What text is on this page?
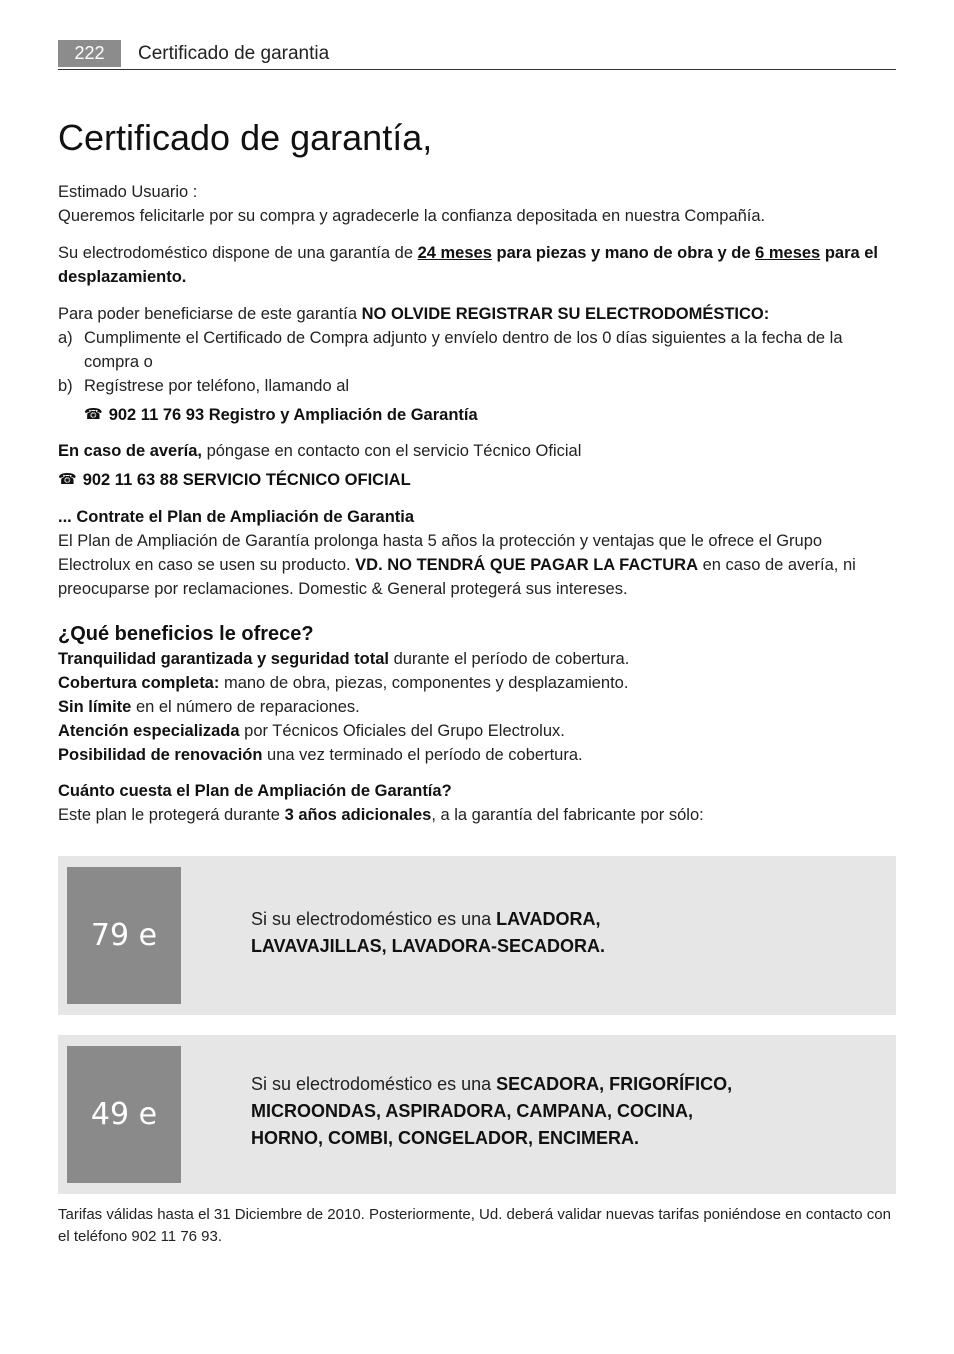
222	Certificado de garantia
Certificado de garantía,

Estimado Usuario :

Queremos felicitarle por su compra y agradecerle la confianza depositada en nuestra Compañía.

Su electrodoméstico dispone de una garantía de 24 meses para piezas y mano de obra y de 6 meses para el desplazamiento.

Para poder beneficiarse de este garantía NO OLVIDE REGISTRAR SU ELECTRODOMÉSTICO:

a) Cumplimente el Certificado de Compra adjunto y envíelo dentro de los 0 días siguientes a la fecha de la compra o
b) Regístrese por teléfono, llamando al
☎ 902 11 76 93 Registro y Ampliación de Garantía

En caso de avería, póngase en contacto con el servicio Técnico Oficial

☎ 902 11 63 88 SERVICIO TÉCNICO OFICIAL

... Contrate el Plan de Ampliación de Garantia

El Plan de Ampliación de Garantía prolonga hasta 5 años la protección y ventajas que le ofrece el Grupo Electrolux en caso se usen su producto. VD. NO TENDRÁ QUE PAGAR LA FACTURA en caso de avería, ni preocuparse por reclamaciones. Domestic & General protegerá sus intereses.

¿Qué beneficios le ofrece?

Tranquilidad garantizada y seguridad total durante el período de cobertura.

Cobertura completa: mano de obra, piezas, componentes y desplazamiento.

Sin límite en el número de reparaciones.

Atención especializada por Técnicos Oficiales del Grupo Electrolux.

Posibilidad de renovación una vez terminado el período de cobertura.

Cuánto cuesta el Plan de Ampliación de Garantía?

Este plan le protegerá durante 3 años adicionales, a la garantía del fabricante por sólo:

79 e	Si su electrodoméstico es una LAVADORA,
LAVAVAJILLAS, LAVADORA-SECADORA.
49 e
Si su electrodoméstico es una SECADORA, FRIGORÍFICO,
MICROONDAS, ASPIRADORA, CAMPANA, COCINA,
HORNO, COMBI, CONGELADOR, ENCIMERA.

Tarifas válidas hasta el 31 Diciembre de 2010. Posteriormente, Ud. deberá validar nuevas tarifas poniéndose en contacto con el teléfono 902 11 76 93.
